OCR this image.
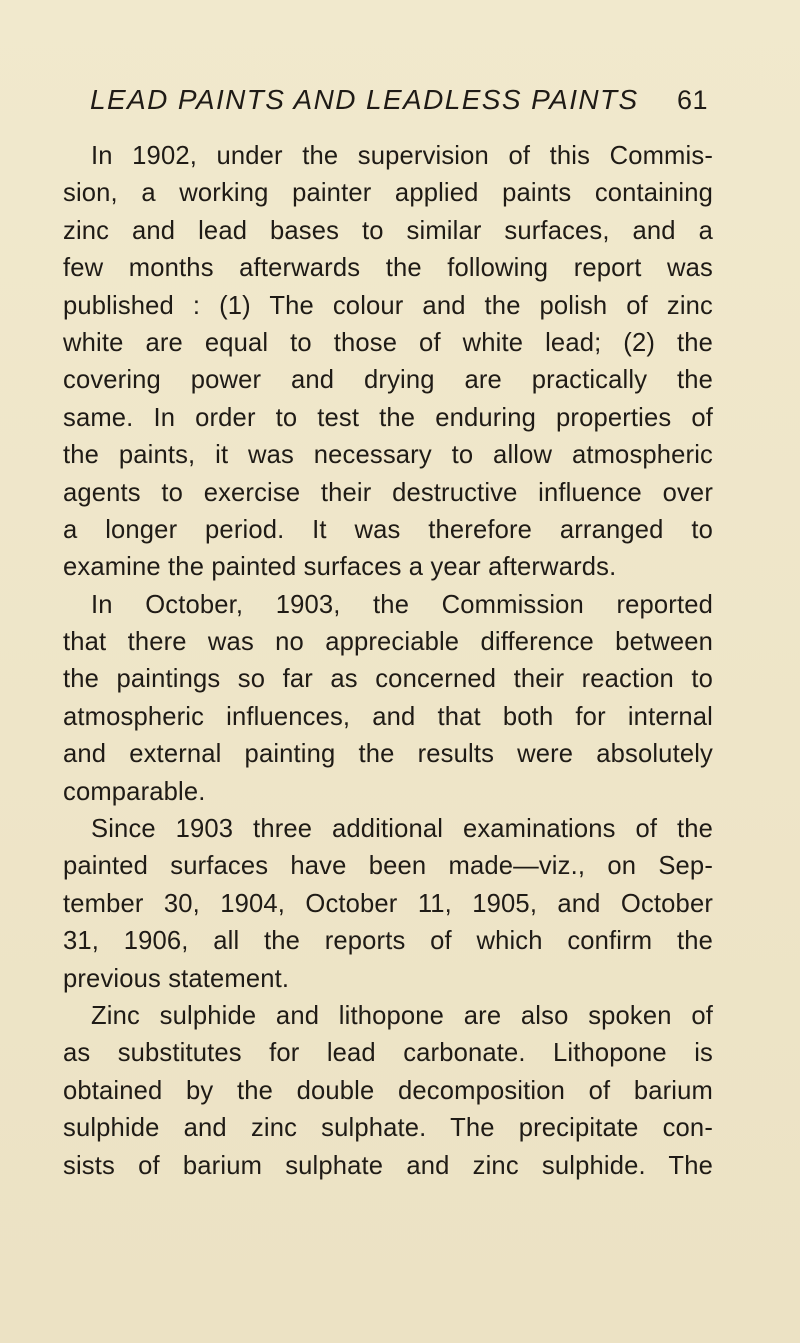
LEAD PAINTS AND LEADLESS PAINTS 61
In 1902, under the supervision of this Commis-
sion, a working painter applied paints containing
zinc and lead bases to similar surfaces, and a
few months afterwards the following report was
published : (1) The colour and the polish of zinc
white are equal to those of white lead; (2) the
covering power and drying are practically the
same. In order to test the enduring properties of
the paints, it was necessary to allow atmospheric
agents to exercise their destructive influence over
a longer period. It was therefore arranged to
examine the painted surfaces a year afterwards.
In October, 1903, the Commission reported
that there was no appreciable difference between
the paintings so far as concerned their reaction to
atmospheric influences, and that both for internal
and external painting the results were absolutely
comparable.
Since 1903 three additional examinations of the
painted surfaces have been made—viz., on Sep-
tember 30, 1904, October 11, 1905, and October
31, 1906, all the reports of which confirm the
previous statement.
Zinc sulphide and lithopone are also spoken of
as substitutes for lead carbonate. Lithopone is
obtained by the double decomposition of barium
sulphide and zinc sulphate. The precipitate con-
sists of barium sulphate and zinc sulphide. The
